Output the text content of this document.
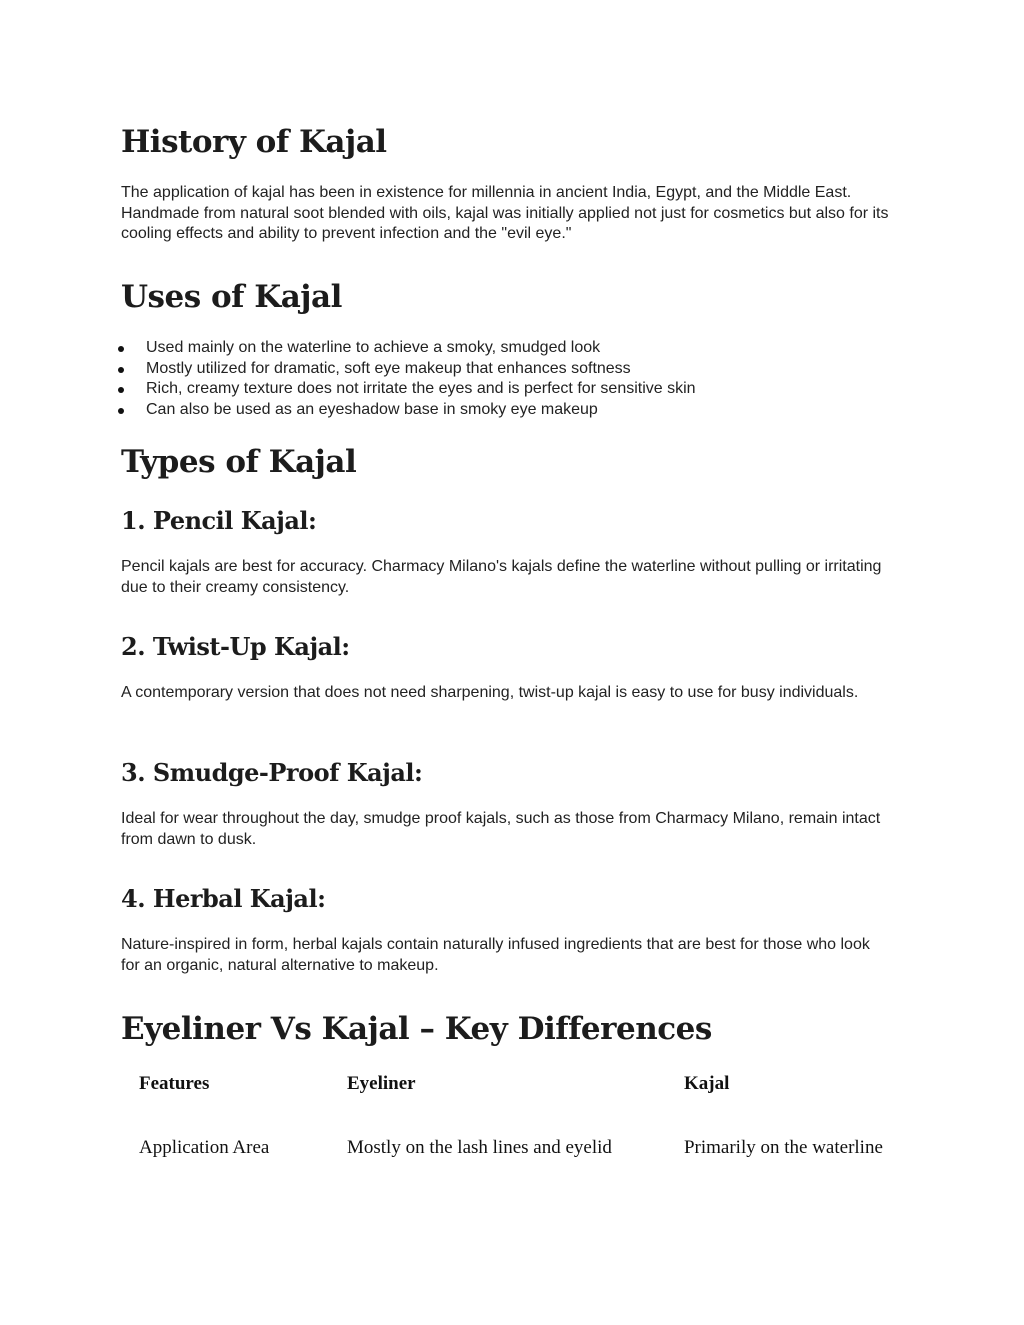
History of Kajal

The application of kajal has been in existence for millennia in ancient India, Egypt, and the Middle East. Handmade from natural soot blended with oils, kajal was initially applied not just for cosmetics but also for its cooling effects and ability to prevent infection and the "evil eye."

Uses of Kajal
Used mainly on the waterline to achieve a smoky, smudged look
Mostly utilized for dramatic, soft eye makeup that enhances softness
Rich, creamy texture does not irritate the eyes and is perfect for sensitive skin
Can also be used as an eyeshadow base in smoky eye makeup
Types of Kajal
1. Pencil Kajal:

Pencil kajals are best for accuracy. Charmacy Milano's kajals define the waterline without pulling or irritating due to their creamy consistency.

2. Twist-Up Kajal:

A contemporary version that does not need sharpening, twist-up kajal is easy to use for busy individuals.

3. Smudge-Proof Kajal:

Ideal for wear throughout the day, smudge proof kajals, such as those from Charmacy Milano, remain intact from dawn to dusk.

4. Herbal Kajal:

Nature-inspired in form, herbal kajals contain naturally infused ingredients that are best for those who look for an organic, natural alternative to makeup.

Eyeliner Vs Kajal – Key Differences
Features	Eyeliner	Kajal
Application Area	Mostly on the lash lines and eyelid	Primarily on the waterline
